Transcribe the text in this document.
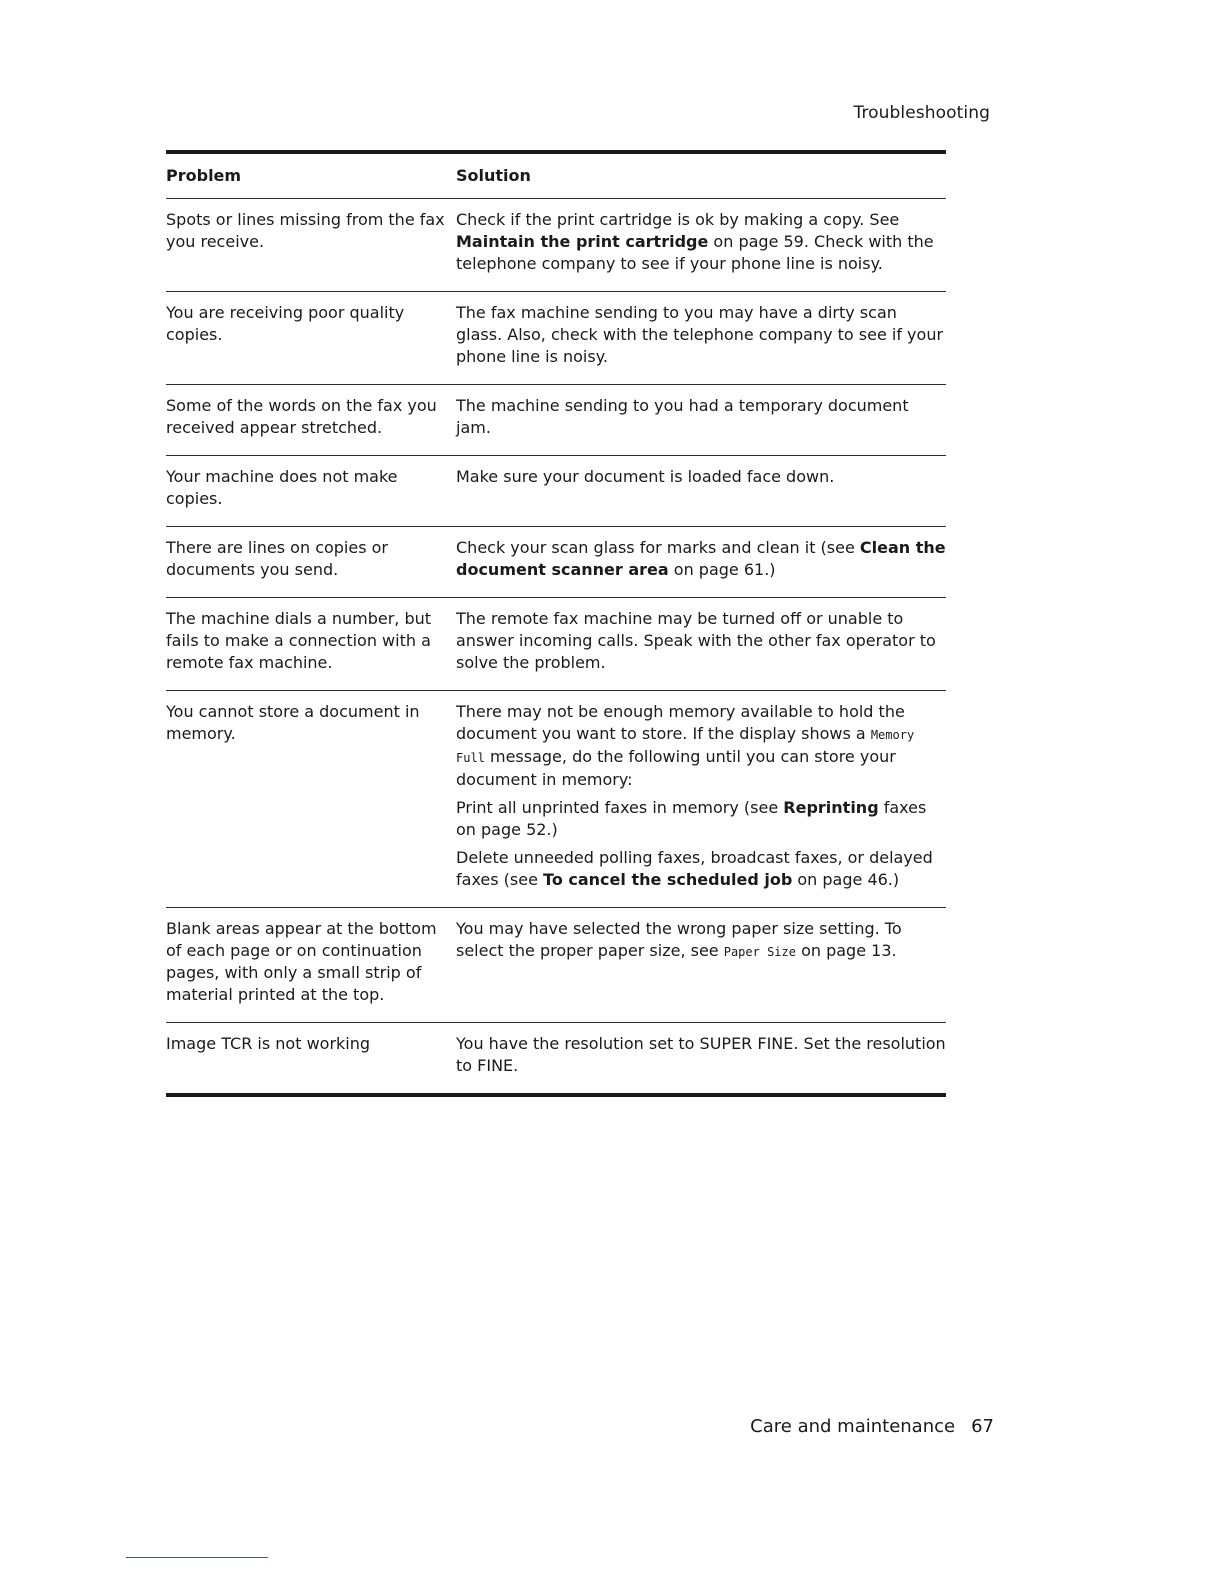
Troubleshooting
Problem	Solution
Spots or lines missing from the fax you receive.

Check if the print cartridge is ok by making a copy. See Maintain the print cartridge on page 59. Check with the telephone company to see if your phone line is noisy.

You are receiving poor quality copies.

The fax machine sending to you may have a dirty scan glass. Also, check with the telephone company to see if your phone line is noisy.

Some of the words on the fax you received appear stretched.

The machine sending to you had a temporary document jam.

Your machine does not make copies.

Make sure your document is loaded face down.

There are lines on copies or documents you send.

Check your scan glass for marks and clean it (see Clean the document scanner area on page 61.)

The machine dials a number, but fails to make a connection with a remote fax machine.

The remote fax machine may be turned off or unable to answer incoming calls. Speak with the other fax operator to solve the problem.

You cannot store a document in memory.

There may not be enough memory available to hold the document you want to store. If the display shows a Memory Full message, do the following until you can store your document in memory:

Print all unprinted faxes in memory (see Reprinting faxes on page 52.)

Delete unneeded polling faxes, broadcast faxes, or delayed faxes (see To cancel the scheduled job on page 46.)

Blank areas appear at the bottom of each page or on continuation pages, with only a small strip of material printed at the top.

You may have selected the wrong paper size setting. To select the proper paper size, see Paper Size on page 13.

Image TCR is not working	You have the resolution set to SUPER FINE. Set the resolution to FINE.

Care and maintenance 67
